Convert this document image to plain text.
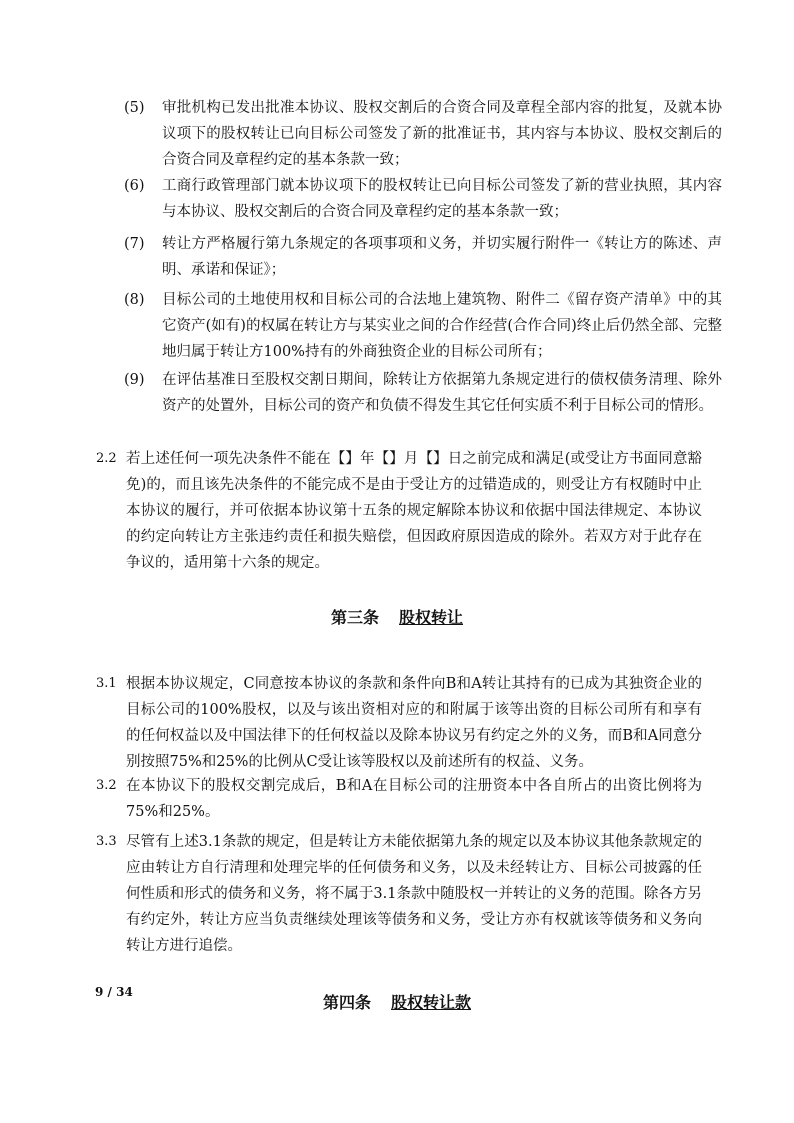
(5) 审批机构已发出批准本协议、股权交割后的合资合同及章程全部内容的批复，及就本协议项下的股权转让已向目标公司签发了新的批准证书，其内容与本协议、股权交割后的合资合同及章程约定的基本条款一致；
(6) 工商行政管理部门就本协议项下的股权转让已向目标公司签发了新的营业执照，其内容与本协议、股权交割后的合资合同及章程约定的基本条款一致；
(7) 转让方严格履行第九条规定的各项事项和义务，并切实履行附件一《转让方的陈述、声明、承诺和保证》；
(8) 目标公司的土地使用权和目标公司的合法地上建筑物、附件二《留存资产清单》中的其它资产(如有)的权属在转让方与某实业之间的合作经营(合作合同)终止后仍然全部、完整地归属于转让方100%持有的外商独资企业的目标公司所有；
(9) 在评估基准日至股权交割日期间，除转让方依据第九条规定进行的债权债务清理、除外资产的处置外，目标公司的资产和负债不得发生其它任何实质不利于目标公司的情形。
2.2 若上述任何一项先决条件不能在【】年【】月【】日之前完成和满足(或受让方书面同意豁免)的，而且该先决条件的不能完成不是由于受让方的过错造成的，则受让方有权随时中止本协议的履行，并可依据本协议第十五条的规定解除本协议和依据中国法律规定、本协议的约定向转让方主张违约责任和损失赔偿，但因政府原因造成的除外。若双方对于此存在争议的，适用第十六条的规定。
第三条 股权转让
3.1 根据本协议规定，C同意按本协议的条款和条件向B和A转让其持有的已成为其独资企业的目标公司的100%股权，以及与该出资相对应的和附属于该等出资的目标公司所有和享有的任何权益以及中国法律下的任何权益以及除本协议另有约定之外的义务，而B和A同意分别按照75%和25%的比例从C受让该等股权以及前述所有的权益、义务。
3.2 在本协议下的股权交割完成后，B和A在目标公司的注册资本中各自所占的出资比例将为75%和25%。
3.3 尽管有上述3.1条款的规定，但是转让方未能依据第九条的规定以及本协议其他条款规定的应由转让方自行清理和处理完毕的任何债务和义务，以及未经转让方、目标公司披露的任何性质和形式的债务和义务，将不属于3.1条款中随股权一并转让的义务的范围。除各方另有约定外，转让方应当负责继续处理该等债务和义务，受让方亦有权就该等债务和义务向转让方进行追偿。
第四条 股权转让款
9 / 34
